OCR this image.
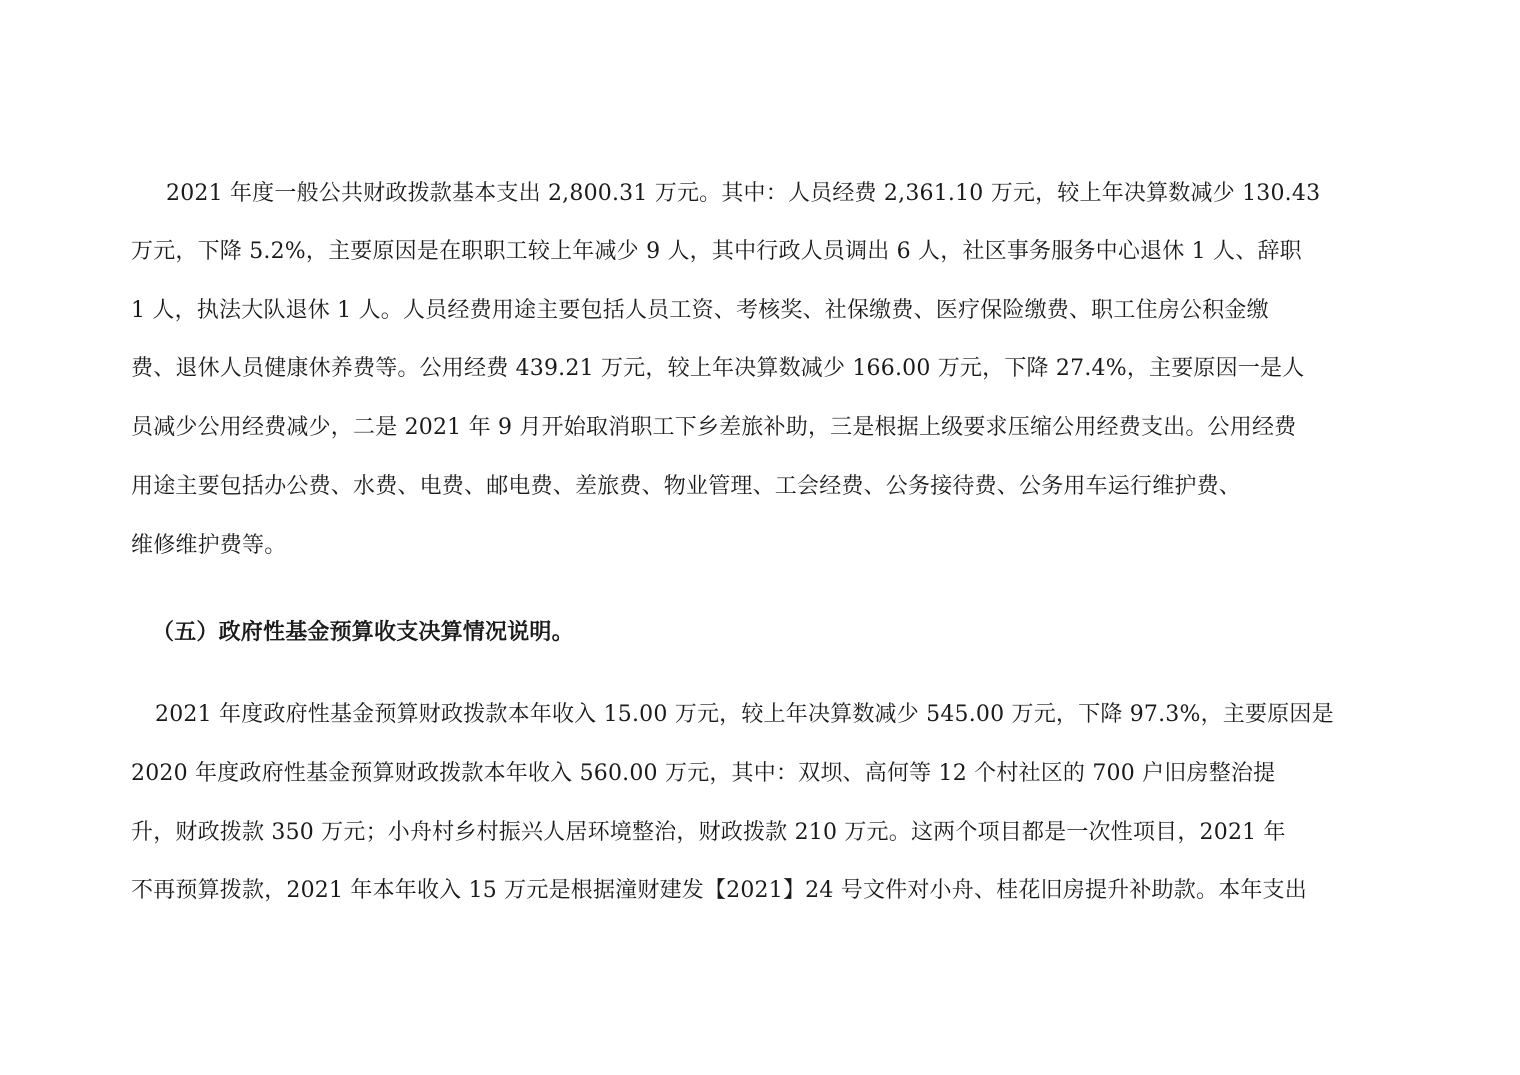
2021 年度一般公共财政拨款基本支出 2,800.31 万元。其中：人员经费 2,361.10 万元，较上年决算数减少 130.43
万元，下降 5.2%，主要原因是在职职工较上年减少 9 人，其中行政人员调出 6 人，社区事务服务中心退休 1 人、辞职
1 人，执法大队退休 1 人。人员经费用途主要包括人员工资、考核奖、社保缴费、医疗保险缴费、职工住房公积金缴
费、退休人员健康休养费等。公用经费 439.21 万元，较上年决算数减少 166.00 万元，下降 27.4%，主要原因一是人
员减少公用经费减少，二是 2021 年 9 月开始取消职工下乡差旅补助，三是根据上级要求压缩公用经费支出。公用经费
用途主要包括办公费、水费、电费、邮电费、差旅费、物业管理、工会经费、公务接待费、公务用车运行维护费、
维修维护费等。
（五）政府性基金预算收支决算情况说明。
2021 年度政府性基金预算财政拨款本年收入 15.00 万元，较上年决算数减少 545.00 万元，下降 97.3%，主要原因是
2020 年度政府性基金预算财政拨款本年收入 560.00 万元，其中：双坝、高何等 12 个村社区的 700 户旧房整治提
升，财政拨款 350 万元；小舟村乡村振兴人居环境整治，财政拨款 210 万元。这两个项目都是一次性项目，2021 年
不再预算拨款，2021 年本年收入 15 万元是根据潼财建发【2021】24 号文件对小舟、桂花旧房提升补助款。本年支出
